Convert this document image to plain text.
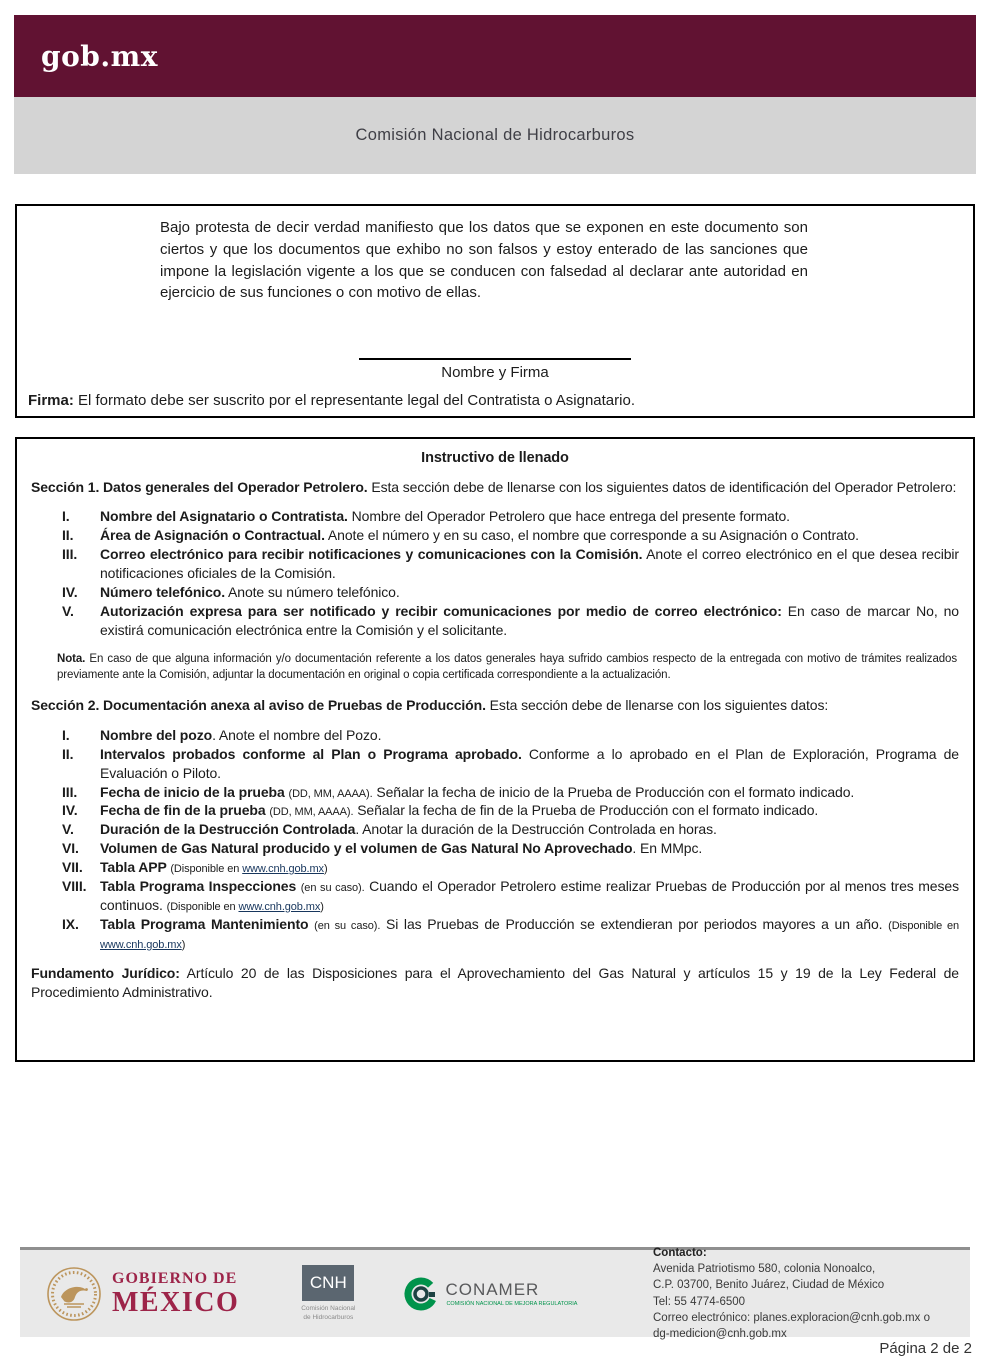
gob.mx
Comisión Nacional de Hidrocarburos

Bajo protesta de decir verdad manifiesto que los datos que se exponen en este documento son ciertos y que los documentos que exhibo no son falsos y estoy enterado de las sanciones que impone la legislación vigente a los que se conducen con falsedad al declarar ante autoridad en ejercicio de sus funciones o con motivo de ellas.

Nombre y Firma

Firma: El formato debe ser suscrito por el representante legal del Contratista o Asignatario.

Instructivo de llenado

Sección 1. Datos generales del Operador Petrolero. Esta sección debe de llenarse con los siguientes datos de identificación del Operador Petrolero:

I.	Nombre del Asignatario o Contratista. Nombre del Operador Petrolero que hace entrega del presente formato.
II.	Área de Asignación o Contractual. Anote el número y en su caso, el nombre que corresponde a su Asignación o Contrato.
III.	Correo electrónico para recibir notificaciones y comunicaciones con la Comisión. Anote el correo electrónico en el que desea recibir notificaciones oficiales de la Comisión.
IV.	Número telefónico. Anote su número telefónico.
V.	Autorización expresa para ser notificado y recibir comunicaciones por medio de correo electrónico: En caso de marcar No, no existirá comunicación electrónica entre la Comisión y el solicitante.

Nota. En caso de que alguna información y/o documentación referente a los datos generales haya sufrido cambios respecto de la entregada con motivo de trámites realizados previamente ante la Comisión, adjuntar la documentación en original o copia certificada correspondiente a la actualización.

Sección 2. Documentación anexa al aviso de Pruebas de Producción. Esta sección debe de llenarse con los siguientes datos:

I.	Nombre del pozo. Anote el nombre del Pozo.
II.	Intervalos probados conforme al Plan o Programa aprobado. Conforme a lo aprobado en el Plan de Exploración, Programa de Evaluación o Piloto.
III.	Fecha de inicio de la prueba (DD, MM, AAAA). Señalar la fecha de inicio de la Prueba de Producción con el formato indicado.
IV.	Fecha de fin de la prueba (DD, MM, AAAA). Señalar la fecha de fin de la Prueba de Producción con el formato indicado.
V.	Duración de la Destrucción Controlada. Anotar la duración de la Destrucción Controlada en horas.
VI.	Volumen de Gas Natural producido y el volumen de Gas Natural No Aprovechado. En MMpc.
VII.	Tabla APP (Disponible en www.cnh.gob.mx)
VIII. Tabla Programa Inspecciones (en su caso). Cuando el Operador Petrolero estime realizar Pruebas de Producción por al menos tres meses continuos. (Disponible en www.cnh.gob.mx)
IX.	Tabla Programa Mantenimiento (en su caso). Si las Pruebas de Producción se extendieran por periodos mayores a un año. (Disponible en www.cnh.gob.mx)

Fundamento Jurídico: Artículo 20 de las Disposiciones para el Aprovechamiento del Gas Natural y artículos 15 y 19 de la Ley Federal de Procedimiento Administrativo.

GOBIERNO DE
MÉXICO
CNH
Comisión Nacional
de Hidrocarburos
CONAMER
COMISIÓN NACIONAL DE MEJORA REGULATORIA
Contacto:
Avenida Patriotismo 580, colonia Nonoalco,
C.P. 03700, Benito Juárez, Ciudad de México
Tel: 55 4774-6500
Correo electrónico: planes.exploracion@cnh.gob.mx o
dg-medicion@cnh.gob.mx
Página 2 de 2
